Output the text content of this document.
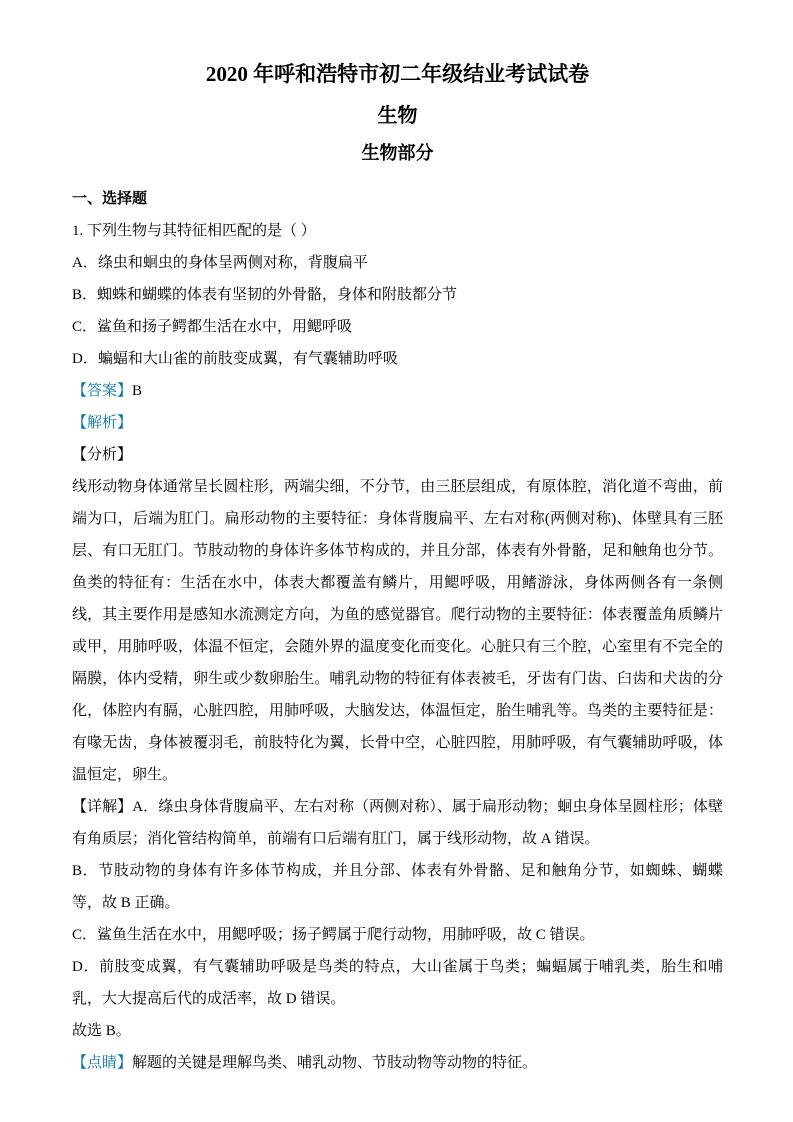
2020 年呼和浩特市初二年级结业考试试卷
生物
生物部分

一、选择题

1. 下列生物与其特征相匹配的是（ ）

A．绦虫和蛔虫的身体呈两侧对称，背腹扁平

B．蜘蛛和蝴蝶的体表有坚韧的外骨骼，身体和附肢都分节

C．鲨鱼和扬子鳄都生活在水中，用鳃呼吸

D．蝙蝠和大山雀的前肢变成翼，有气囊辅助呼吸

【答案】B

【解析】

【分析】

线形动物身体通常呈长圆柱形，两端尖细，不分节，由三胚层组成，有原体腔，消化道不弯曲，前端为口，后端为肛门。扁形动物的主要特征：身体背腹扁平、左右对称(两侧对称)、体壁具有三胚层、有口无肛门。节肢动物的身体许多体节构成的，并且分部，体表有外骨骼，足和触角也分节。鱼类的特征有：生活在水中，体表大都覆盖有鳞片，用鳃呼吸，用鳍游泳，身体两侧各有一条侧线，其主要作用是感知水流测定方向，为鱼的感觉器官。爬行动物的主要特征：体表覆盖角质鳞片或甲，用肺呼吸，体温不恒定，会随外界的温度变化而变化。心脏只有三个腔，心室里有不完全的隔膜，体内受精，卵生或少数卵胎生。哺乳动物的特征有体表被毛，牙齿有门齿、臼齿和犬齿的分化，体腔内有膈，心脏四腔，用肺呼吸，大脑发达，体温恒定，胎生哺乳等。鸟类的主要特征是：有喙无齿，身体被覆羽毛，前肢特化为翼，长骨中空，心脏四腔，用肺呼吸，有气囊辅助呼吸，体温恒定，卵生。

【详解】A．绦虫身体背腹扁平、左右对称（两侧对称）、属于扁形动物；蛔虫身体呈圆柱形；体壁有角质层；消化管结构简单，前端有口后端有肛门，属于线形动物，故 A 错误。

B．节肢动物的身体有许多体节构成，并且分部、体表有外骨骼、足和触角分节，如蜘蛛、蝴蝶等，故 B 正确。

C．鲨鱼生活在水中，用鳃呼吸；扬子鳄属于爬行动物，用肺呼吸，故 C 错误。

D．前肢变成翼，有气囊辅助呼吸是鸟类的特点，大山雀属于鸟类；蝙蝠属于哺乳类，胎生和哺乳，大大提高后代的成活率，故 D 错误。

故选 B。

【点睛】解题的关键是理解鸟类、哺乳动物、节肢动物等动物的特征。
